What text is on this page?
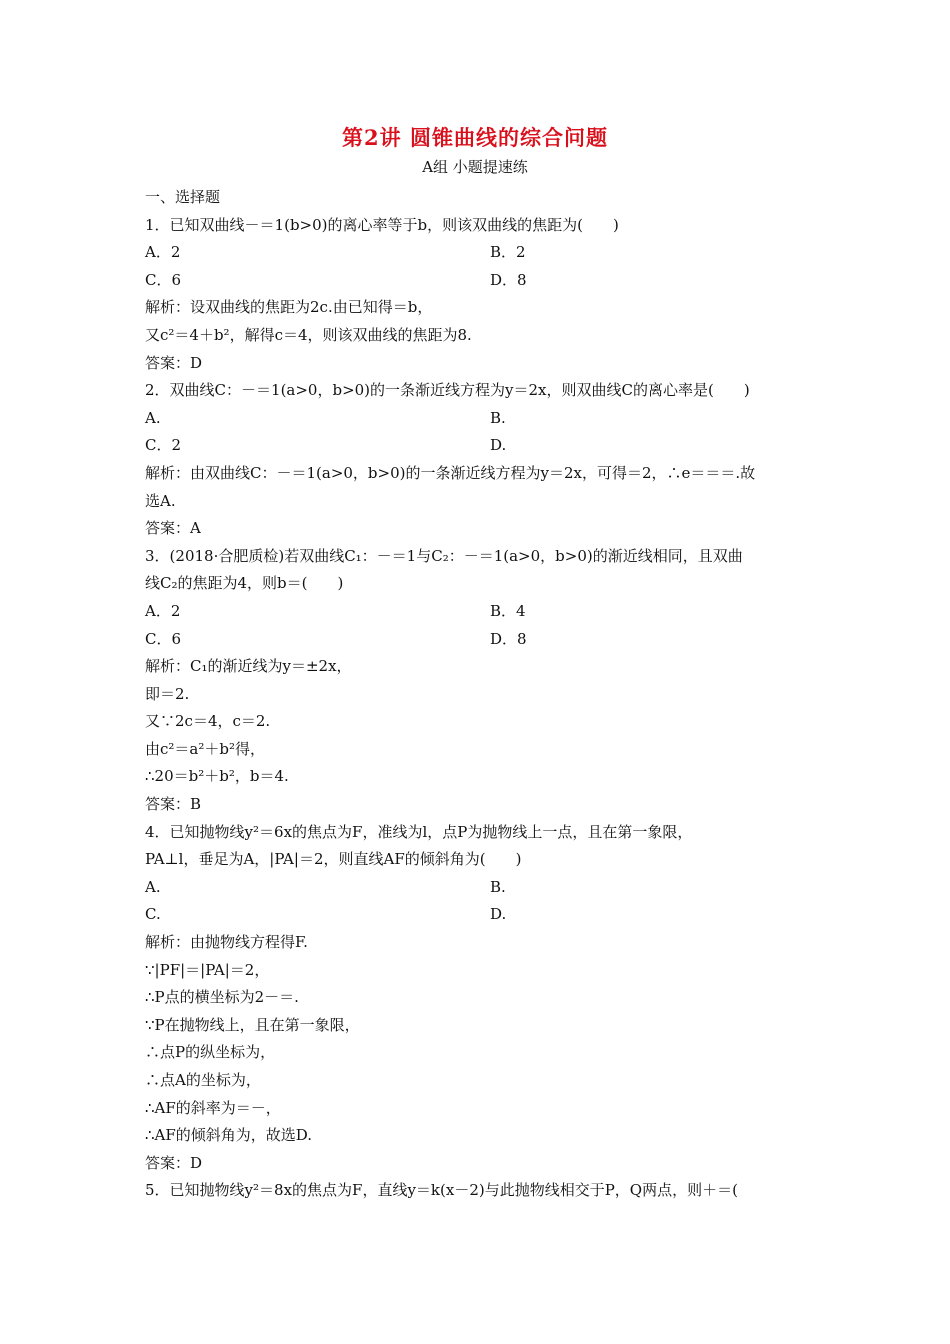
第2讲 圆锥曲线的综合问题
A组 小题提速练
一、选择题
1．已知双曲线－＝1(b>0)的离心率等于b，则该双曲线的焦距为(　　)
A．2	B．2
C．6	D．8
解析：设双曲线的焦距为2c.由已知得＝b，
又c²＝4＋b²，解得c＝4，则该双曲线的焦距为8.
答案：D
2．双曲线C：－＝1(a>0，b>0)的一条渐近线方程为y＝2x，则双曲线C的离心率是(　　)
A.	B.
C．2	D.
解析：由双曲线C：－＝1(a>0，b>0)的一条渐近线方程为y＝2x，可得＝2，∴e＝＝＝.故
选A.
答案：A
3．(2018·合肥质检)若双曲线C₁：－＝1与C₂：－＝1(a>0，b>0)的渐近线相同，且双曲
线C₂的焦距为4，则b＝(　　)
A．2	B．4
C．6	D．8
解析：C₁的渐近线为y＝±2x，
即＝2.
又∵2c＝4，c＝2.
由c²＝a²＋b²得，
∴20＝b²＋b²，b＝4.
答案：B
4．已知抛物线y²＝6x的焦点为F，准线为l，点P为抛物线上一点，且在第一象限，
PA⊥l，垂足为A，|PA|＝2，则直线AF的倾斜角为(　　)
A.	B.
C.	D.
解析：由抛物线方程得F.
∵|PF|＝|PA|＝2，
∴P点的横坐标为2－＝.
∵P在抛物线上，且在第一象限，
∴点P的纵坐标为，
∴点A的坐标为，
∴AF的斜率为＝－，
∴AF的倾斜角为，故选D.
答案：D
5．已知抛物线y²＝8x的焦点为F，直线y＝k(x－2)与此抛物线相交于P，Q两点，则＋＝(
